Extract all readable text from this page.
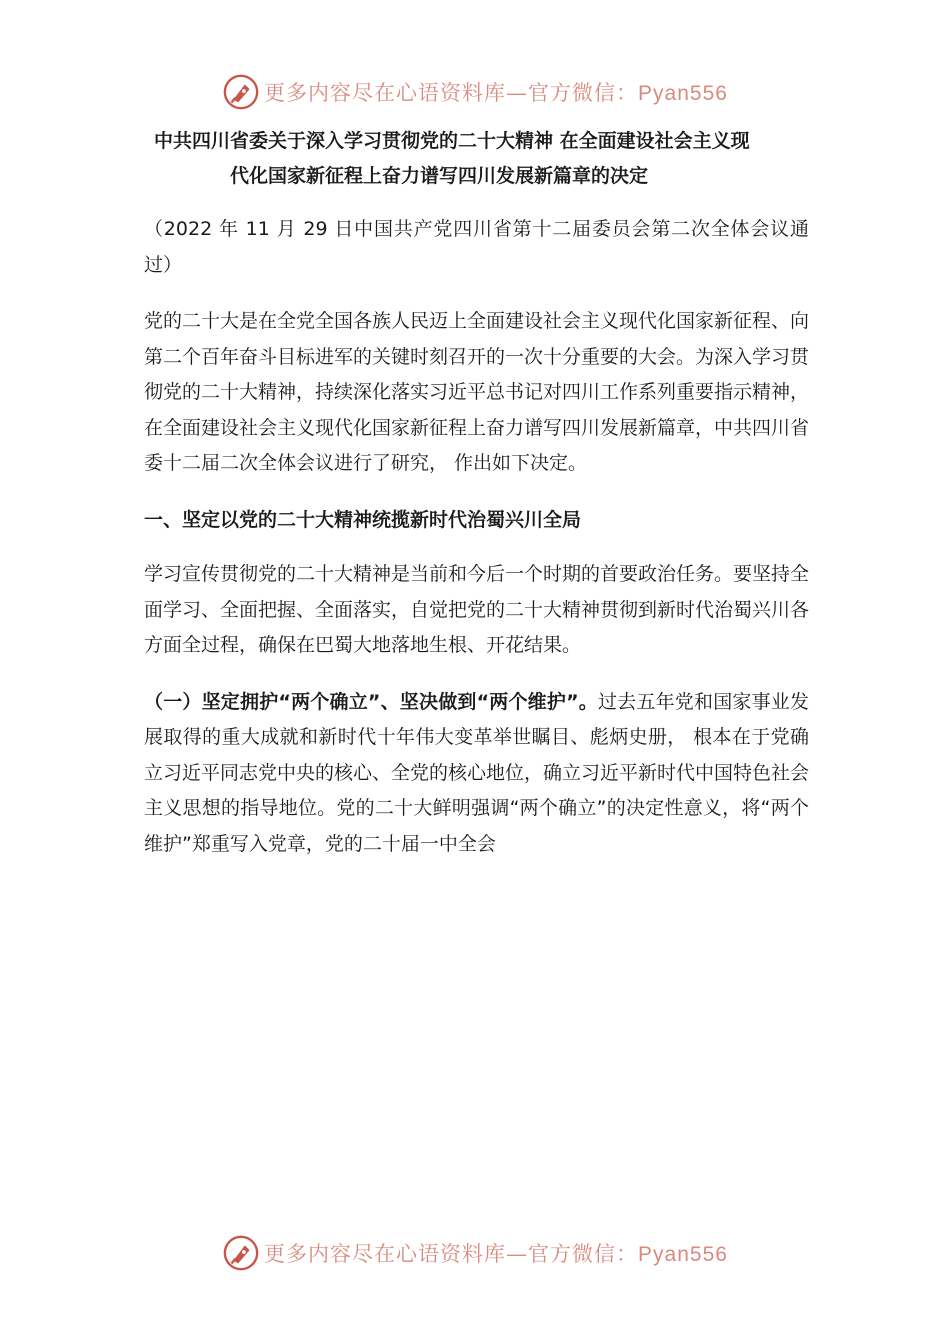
更多内容尽在心语资料库—官方微信：Pyan556
中共四川省委关于深入学习贯彻党的二十大精神 在全面建设社会主义现
代化国家新征程上奋力谱写四川发展新篇章的决定

（2022 年 11 月 29 日中国共产党四川省第十二届委员会第二次全体会议通过）

党的二十大是在全党全国各族人民迈上全面建设社会主义现代化国家新征程、向第二个百年奋斗目标进军的关键时刻召开的一次十分重要的大会。为深入学习贯彻党的二十大精神，持续深化落实习近平总书记对四川工作系列重要指示精神，在全面建设社会主义现代化国家新征程上奋力谱写四川发展新篇章，中共四川省委十二届二次全体会议进行了研究， 作出如下决定。

一、坚定以党的二十大精神统揽新时代治蜀兴川全局

学习宣传贯彻党的二十大精神是当前和今后一个时期的首要政治任务。要坚持全面学习、全面把握、全面落实，自觉把党的二十大精神贯彻到新时代治蜀兴川各方面全过程，确保在巴蜀大地落地生根、开花结果。

（一）坚定拥护“两个确立”、坚决做到“两个维护”。过去五年党和国家事业发展取得的重大成就和新时代十年伟大变革举世瞩目、彪炳史册， 根本在于党确立习近平同志党中央的核心、全党的核心地位，确立习近平新时代中国特色社会主义思想的指导地位。党的二十大鲜明强调“两个确立”的决定性意义，将“两个维护”郑重写入党章，党的二十届一中全会

更多内容尽在心语资料库—官方微信：Pyan556
